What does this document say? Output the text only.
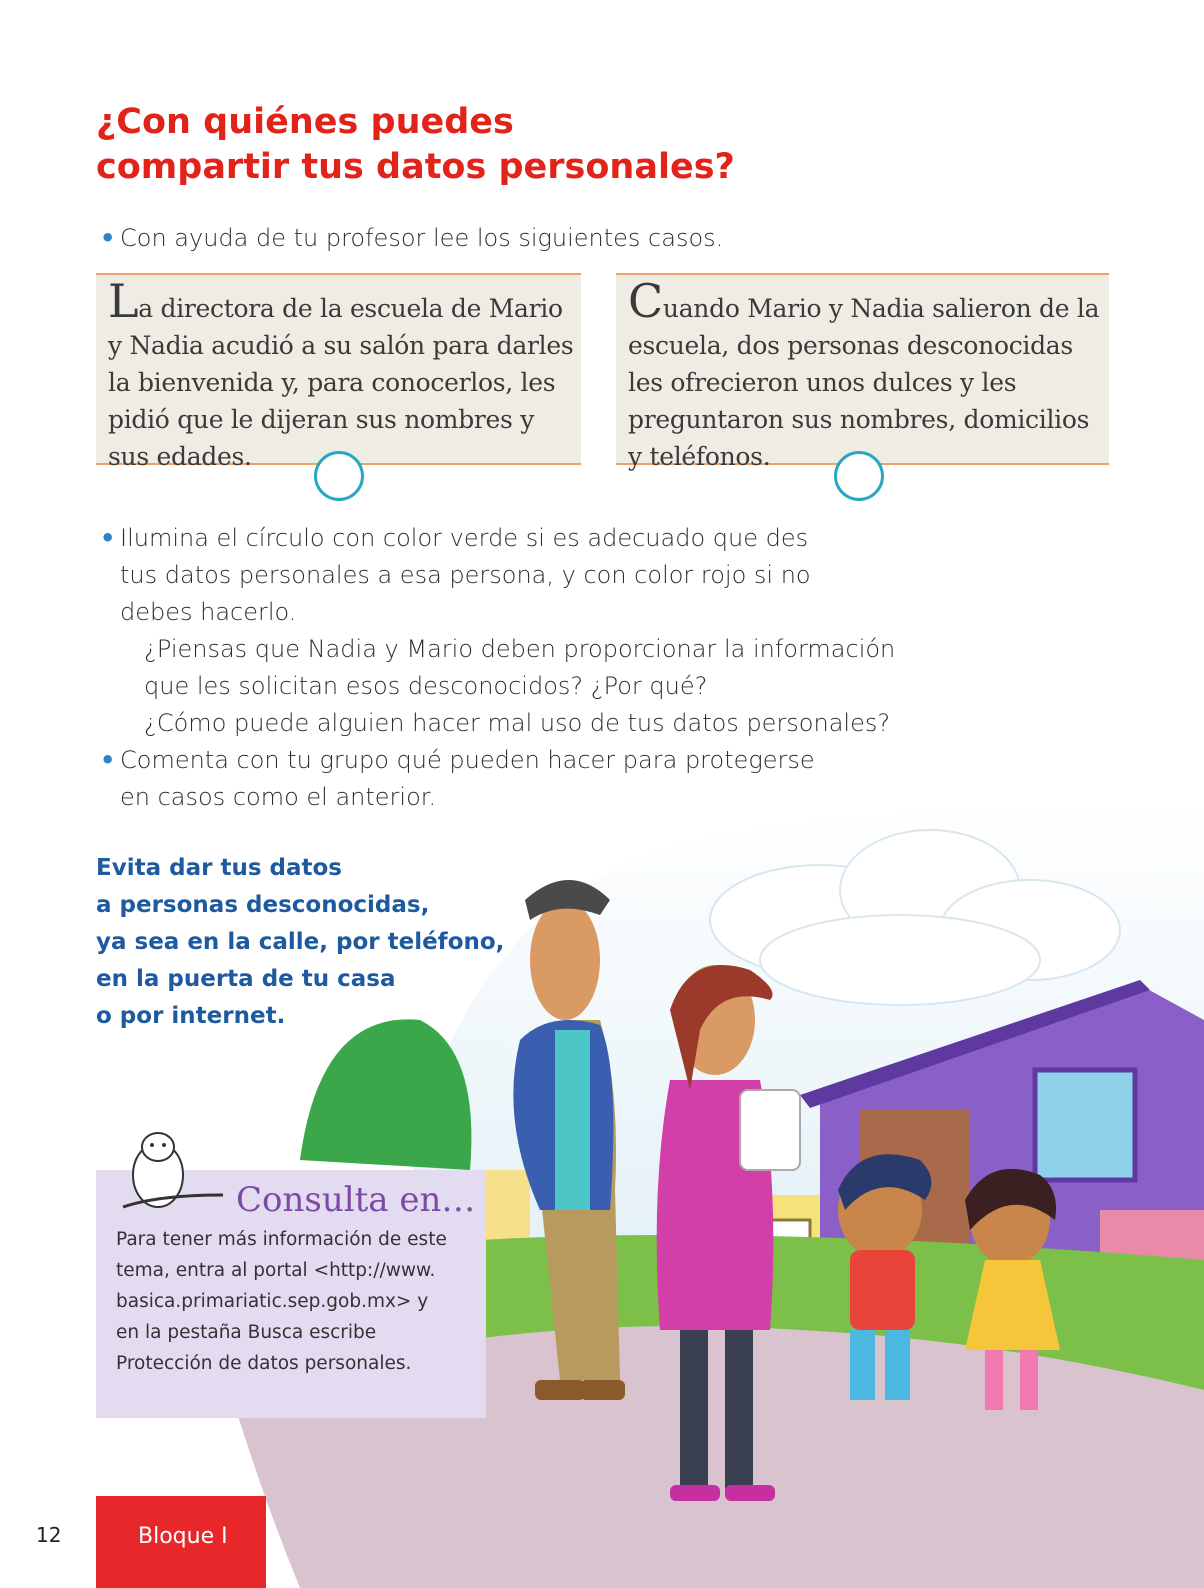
¿Con quiénes puedes
compartir tus datos personales?
• Con ayuda de tu profesor lee los siguientes casos.
La directora de la escuela de Mario y Nadia acudió a su salón para darles la bienvenida y, para conocerlos, les pidió que le dijeran sus nombres y sus edades.
Cuando Mario y Nadia salieron de la escuela, dos personas desconocidas les ofrecieron unos dulces y les preguntaron sus nombres, domicilios y teléfonos.
• Ilumina el círculo con color verde si es adecuado que des
tus datos personales a esa persona, y con color rojo si no
debes hacerlo.
¿Piensas que Nadia y Mario deben proporcionar la información
que les solicitan esos desconocidos? ¿Por qué?
¿Cómo puede alguien hacer mal uso de tus datos personales?
• Comenta con tu grupo qué pueden hacer para protegerse
en casos como el anterior.
Evita dar tus datos
a personas desconocidas,
ya sea en la calle, por teléfono,
en la puerta de tu casa
o por internet.
Consulta en…
Para tener más información de este
tema, entra al portal <http://www.
basica.primariatic.sep.gob.mx> y
en la pestaña Busca escribe
Protección de datos personales.
12	Bloque I
